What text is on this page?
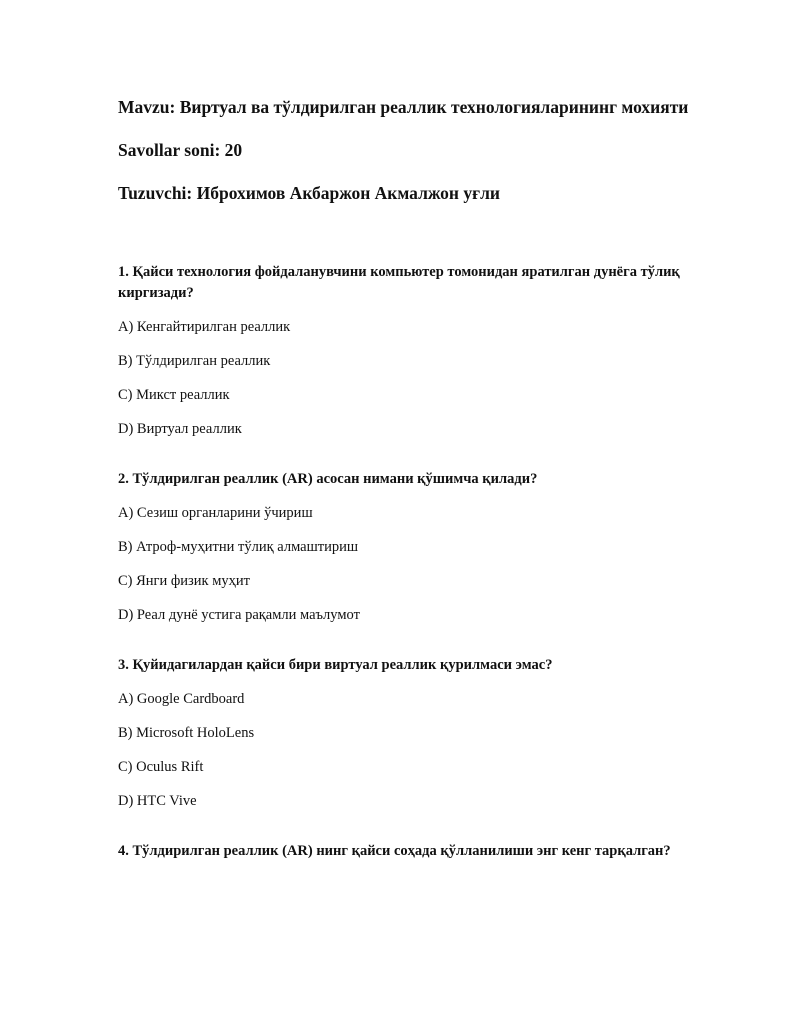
Mavzu: Виртуал ва тўлдирилган реаллик технологияларининг мохияти

Savollar soni: 20

Tuzuvchi: Иброхимов Акбаржон Акмалжон уғли

1. Қайси технология фойдаланувчини компьютер томонидан яратилган дунёга тўлиқ киргизади?

A) Кенгайтирилган реаллик

B) Тўлдирилган реаллик

C) Микст реаллик

D) Виртуал реаллик

2. Тўлдирилган реаллик (AR) асосан нимани қўшимча қилади?

A) Сезиш органларини ўчириш

B) Атроф-муҳитни тўлиқ алмаштириш

C) Янги физик муҳит

D) Реал дунё устига рақамли маълумот

3. Қуйидагилардан қайси бири виртуал реаллик қурилмаси эмас?

A) Google Cardboard

B) Microsoft HoloLens

C) Oculus Rift

D) HTC Vive

4. Тўлдирилган реаллик (AR) нинг қайси соҳада қўлланилиши энг кенг тарқалган?
